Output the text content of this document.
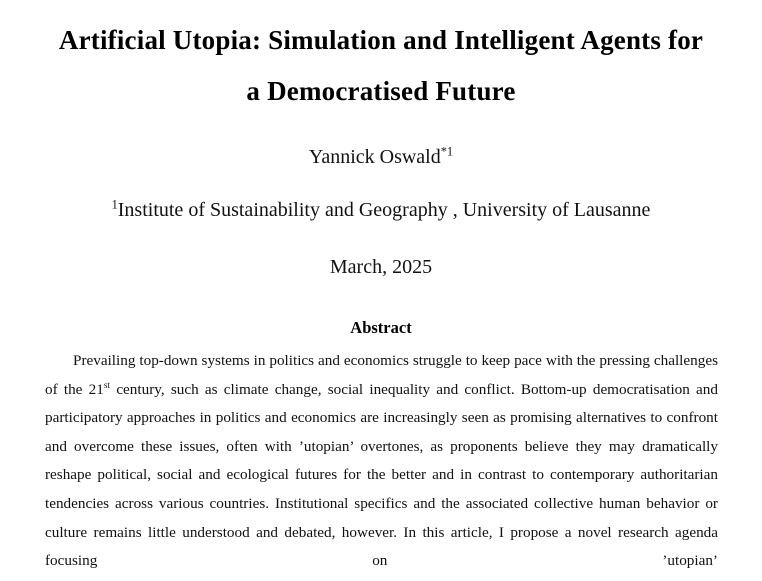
Artificial Utopia: Simulation and Intelligent Agents for
a Democratised Future
Yannick Oswald$^{*1}$
$^1$Institute of Sustainability and Geography , University of Lausanne
March, 2025
Abstract

Prevailing top-down systems in politics and economics struggle to keep pace with the pressing challenges of the 21st century, such as climate change, social inequality and conflict. Bottom-up democratisation and participatory approaches in politics and economics are increasingly seen as promising alternatives to confront and overcome these issues, often with ’utopian’ overtones, as proponents believe they may dramatically reshape political, social and ecological futures for the better and in contrast to contemporary authoritarian tendencies across various countries. Institutional specifics and the associated collective human behavior or culture remains little understood and debated, however. In this article, I propose a novel research agenda focusing on ’utopian’
